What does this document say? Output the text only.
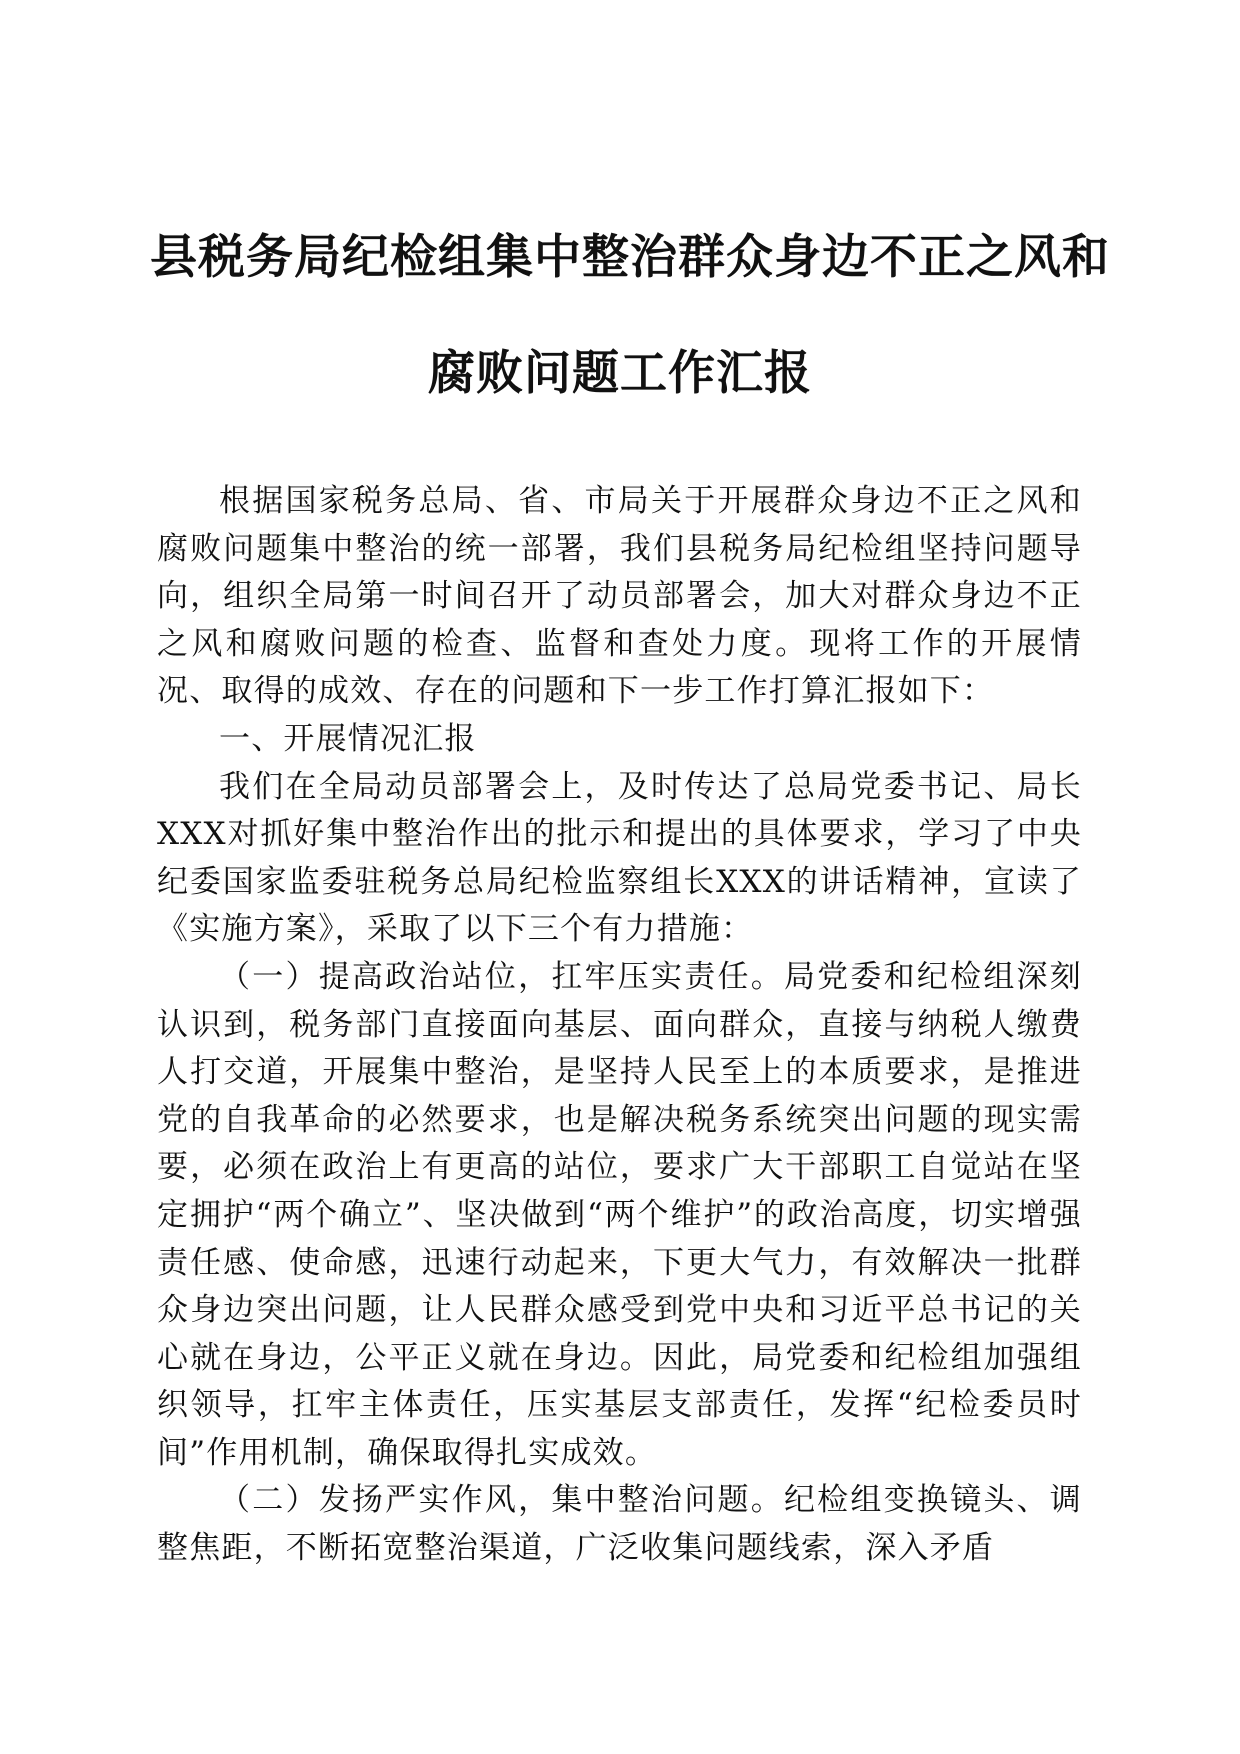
县税务局纪检组集中整治群众身边不正之风和
腐败问题工作汇报

根据国家税务总局、省、市局关于开展群众身边不正之风和腐败问题集中整治的统一部署，我们县税务局纪检组坚持问题导向，组织全局第一时间召开了动员部署会，加大对群众身边不正之风和腐败问题的检查、监督和查处力度。现将工作的开展情况、取得的成效、存在的问题和下一步工作打算汇报如下：

一、开展情况汇报

我们在全局动员部署会上，及时传达了总局党委书记、局长XXX对抓好集中整治作出的批示和提出的具体要求，学习了中央纪委国家监委驻税务总局纪检监察组长XXX的讲话精神，宣读了《实施方案》，采取了以下三个有力措施：

（一）提高政治站位，扛牢压实责任。局党委和纪检组深刻认识到，税务部门直接面向基层、面向群众，直接与纳税人缴费人打交道，开展集中整治，是坚持人民至上的本质要求，是推进党的自我革命的必然要求，也是解决税务系统突出问题的现实需要，必须在政治上有更高的站位，要求广大干部职工自觉站在坚定拥护“两个确立”、坚决做到“两个维护”的政治高度，切实增强责任感、使命感，迅速行动起来，下更大气力，有效解决一批群众身边突出问题，让人民群众感受到党中央和习近平总书记的关心就在身边，公平正义就在身边。因此，局党委和纪检组加强组织领导，扛牢主体责任，压实基层支部责任，发挥“纪检委员时间”作用机制，确保取得扎实成效。

（二）发扬严实作风，集中整治问题。纪检组变换镜头、调整焦距，不断拓宽整治渠道，广泛收集问题线索，深入矛盾
